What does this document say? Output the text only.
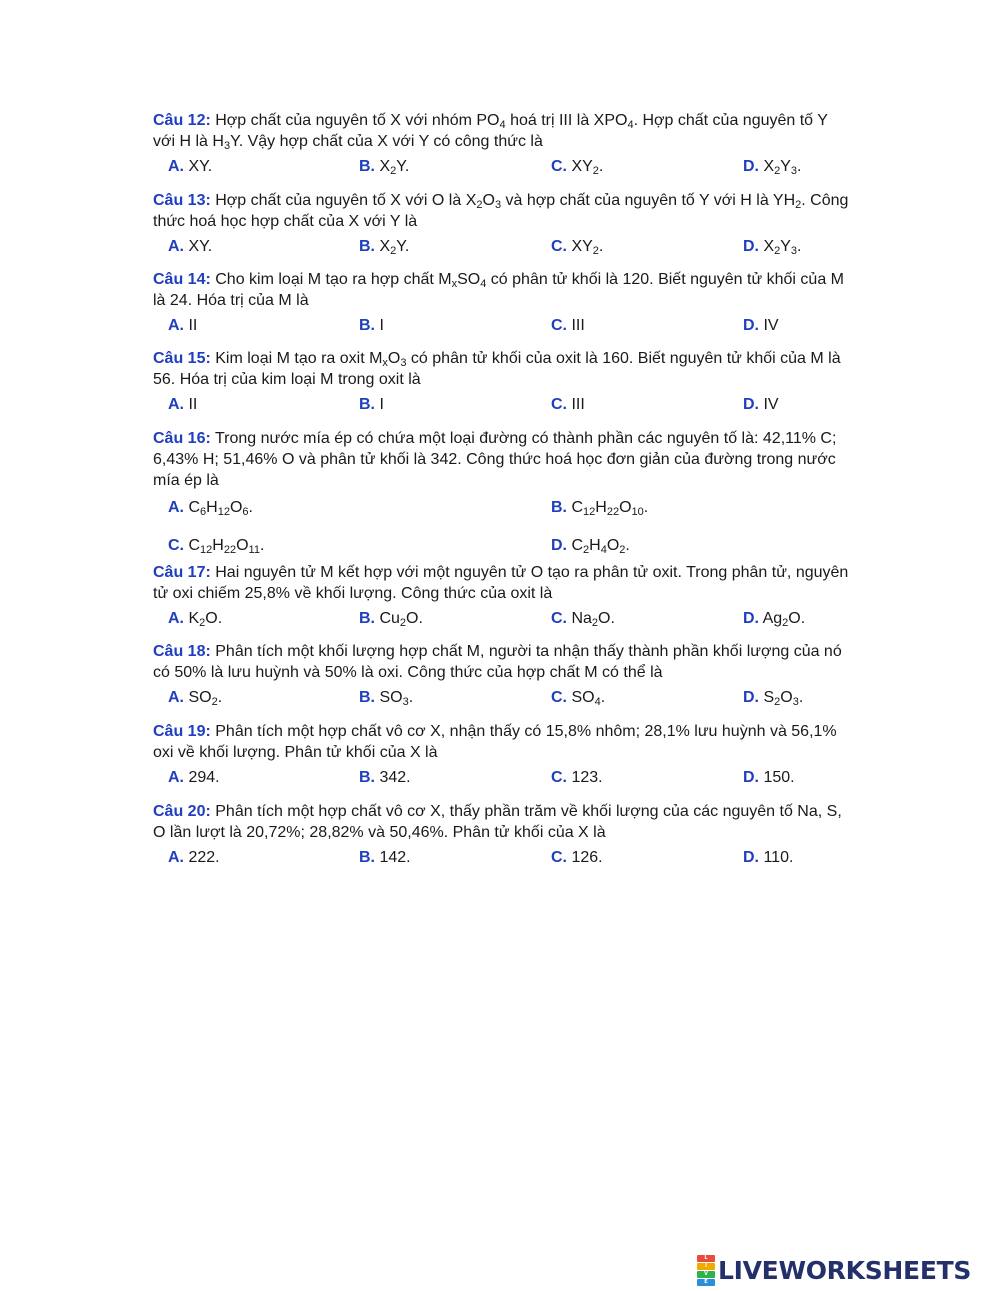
Câu 12: Hợp chất của nguyên tố X với nhóm $PO_4$ hoá trị III là $XPO_4$. Hợp chất của nguyên tố Y với H là $H_3Y$. Vậy hợp chất của X với Y có công thức là

A. XY.	B. $X_2Y$.	C. $XY_2$.	D. $X_2Y_3$.

Câu 13: Hợp chất của nguyên tố X với O là $X_2O_3$ và hợp chất của nguyên tố Y với H là $YH_2$. Công thức hoá học hợp chất của X với Y là

A. XY.	B. $X_2Y$.	C. $XY_2$.	D. $X_2Y_3$.

Câu 14: Cho kim loại M tạo ra hợp chất $M_xSO_4$ có phân tử khối là 120. Biết nguyên tử khối của M là 24. Hóa trị của M là

A. II	B. I	C. III	D. IV

Câu 15: Kim loại M tạo ra oxit $M_xO_3$ có phân tử khối của oxit là 160. Biết nguyên tử khối của M là 56. Hóa trị của kim loại M trong oxit là

A. II	B. I	C. III	D. IV

Câu 16: Trong nước mía ép có chứa một loại đường có thành phần các nguyên tố là: 42,11% C; 6,43% H; 51,46% O và phân tử khối là 342. Công thức hoá học đơn giản của đường trong nước mía ép là

A. $C_6H_{12}O_6$.	B. $C_{12}H_{22}O_{10}$.
C. $C_{12}H_{22}O_{11}$.	D. $C_2H_4O_2$.

Câu 17: Hai nguyên tử M kết hợp với một nguyên tử O tạo ra phân tử oxit. Trong phân tử, nguyên tử oxi chiếm 25,8% về khối lượng. Công thức của oxit là

A. $K_2O$.	B. $Cu_2O$.	C. $Na_2O$.	D. $Ag_2O$.

Câu 18: Phân tích một khối lượng hợp chất M, người ta nhận thấy thành phần khối lượng của nó có 50% là lưu huỳnh và 50% là oxi. Công thức của hợp chất M có thể là

A. $SO_2$.	B. $SO_3$.	C. $SO_4$.	D. $S_2O_3$.

Câu 19: Phân tích một hợp chất vô cơ X, nhận thấy có 15,8% nhôm; 28,1% lưu huỳnh và 56,1% oxi về khối lượng. Phân tử khối của X là

A. 294.	B. 342.	C. 123.	D. 150.

Câu 20: Phân tích một hợp chất vô cơ X, thấy phần trăm về khối lượng của các nguyên tố Na, S, O lần lượt là 20,72%; 28,82% và 50,46%. Phân tử khối của X là

A. 222.	B. 142.	C. 126.	D. 110.
L
I
V
E LIVEWORKSHEETS
